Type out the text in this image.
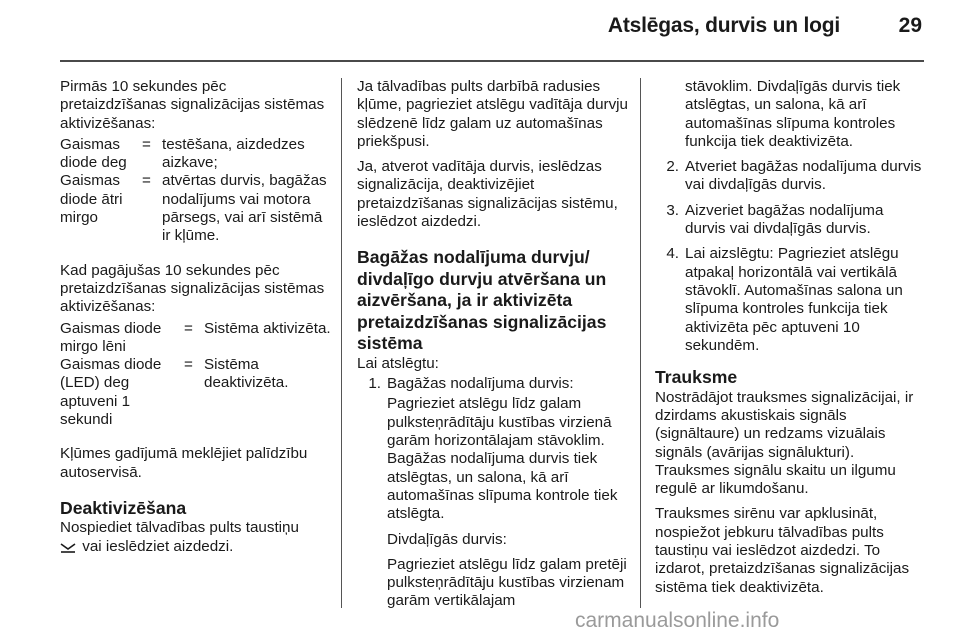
Atslēgas, durvis un logi	29

Pirmās 10 sekundes pēc pretaizdzīšanas signalizācijas sistēmas aktivizēšanas:

Gaismas diode deg
= testēšana, aizdedzes aizkave;
Gaismas diode ātri mirgo
= atvērtas durvis, bagāžas nodalījums vai motora pārsegs, vai arī sistēmā ir kļūme.

Kad pagājušas 10 sekundes pēc pretaizdzīšanas signalizācijas sistēmas aktivizēšanas:

Gaismas diode mirgo lēni
= Sistēma aktivizēta.
Gaismas diode (LED) deg aptuveni 1 sekundi
= Sistēma deaktivizēta.

Kļūmes gadījumā meklējiet palīdzību autoservisā.

Deaktivizēšana

Nospiediet tālvadības pults taustiņu
vai ieslēdziet aizdedzi.

Ja tālvadības pults darbībā radusies kļūme, pagrieziet atslēgu vadītāja durvju slēdzenē līdz galam uz automašīnas priekšpusi.

Ja, atverot vadītāja durvis, ieslēdzas signalizācija, deaktivizējiet pretaizdzīšanas signalizācijas sistēmu, ieslēdzot aizdedzi.

Bagāžas nodalījuma durvju/ divdaļīgo durvju atvēršana un aizvēršana, ja ir aktivizēta pretaizdzīšanas signalizācijas sistēma

Lai atslēgtu:

1. Bagāžas nodalījuma durvis:

Pagrieziet atslēgu līdz galam pulksteņrādītāju kustības virzienā garām horizontālajam stāvoklim. Bagāžas nodalījuma durvis tiek atslēgtas, un salona, kā arī automašīnas slīpuma kontrole tiek atslēgta.

Divdaļīgās durvis:

Pagrieziet atslēgu līdz galam pretēji pulksteņrādītāju kustības virzienam garām vertikālajam

stāvoklim. Divdaļīgās durvis tiek atslēgtas, un salona, kā arī automašīnas slīpuma kontroles funkcija tiek deaktivizēta.
2. Atveriet bagāžas nodalījuma durvis vai divdaļīgās durvis.
3. Aizveriet bagāžas nodalījuma durvis vai divdaļīgās durvis.
4. Lai aizslēgtu: Pagrieziet atslēgu atpakaļ horizontālā vai vertikālā stāvoklī. Automašīnas salona un slīpuma kontroles funkcija tiek aktivizēta pēc aptuveni 10 sekundēm.
Trauksme

Nostrādājot trauksmes signalizācijai, ir dzirdams akustiskais signāls (signāltaure) un redzams vizuālais signāls (avārijas signālukturi). Trauksmes signālu skaitu un ilgumu regulē ar likumdošanu.

Trauksmes sirēnu var apklusināt, nospiežot jebkuru tālvadības pults taustiņu vai ieslēdzot aizdedzi. To izdarot, pretaizdzīšanas signalizācijas sistēma tiek deaktivizēta.

carmanualsonline.info
